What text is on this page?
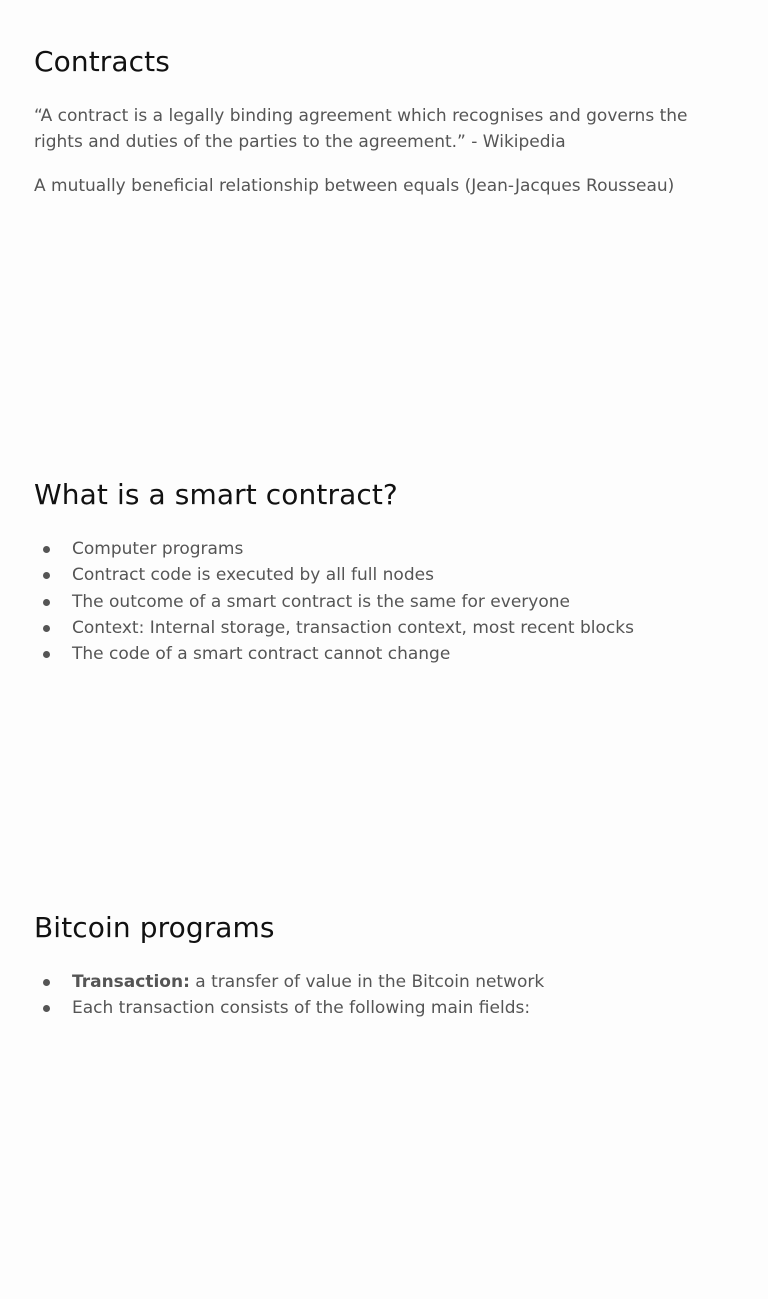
Contracts

“A contract is a legally binding agreement which recognises and governs the rights and duties of the parties to the agreement.” - Wikipedia

A mutually beneficial relationship between equals (Jean-Jacques Rousseau)

What is a smart contract?
Computer programs
Contract code is executed by all full nodes
The outcome of a smart contract is the same for everyone
Context: Internal storage, transaction context, most recent blocks
The code of a smart contract cannot change
Bitcoin programs
Transaction: a transfer of value in the Bitcoin network
Each transaction consists of the following main fields:
